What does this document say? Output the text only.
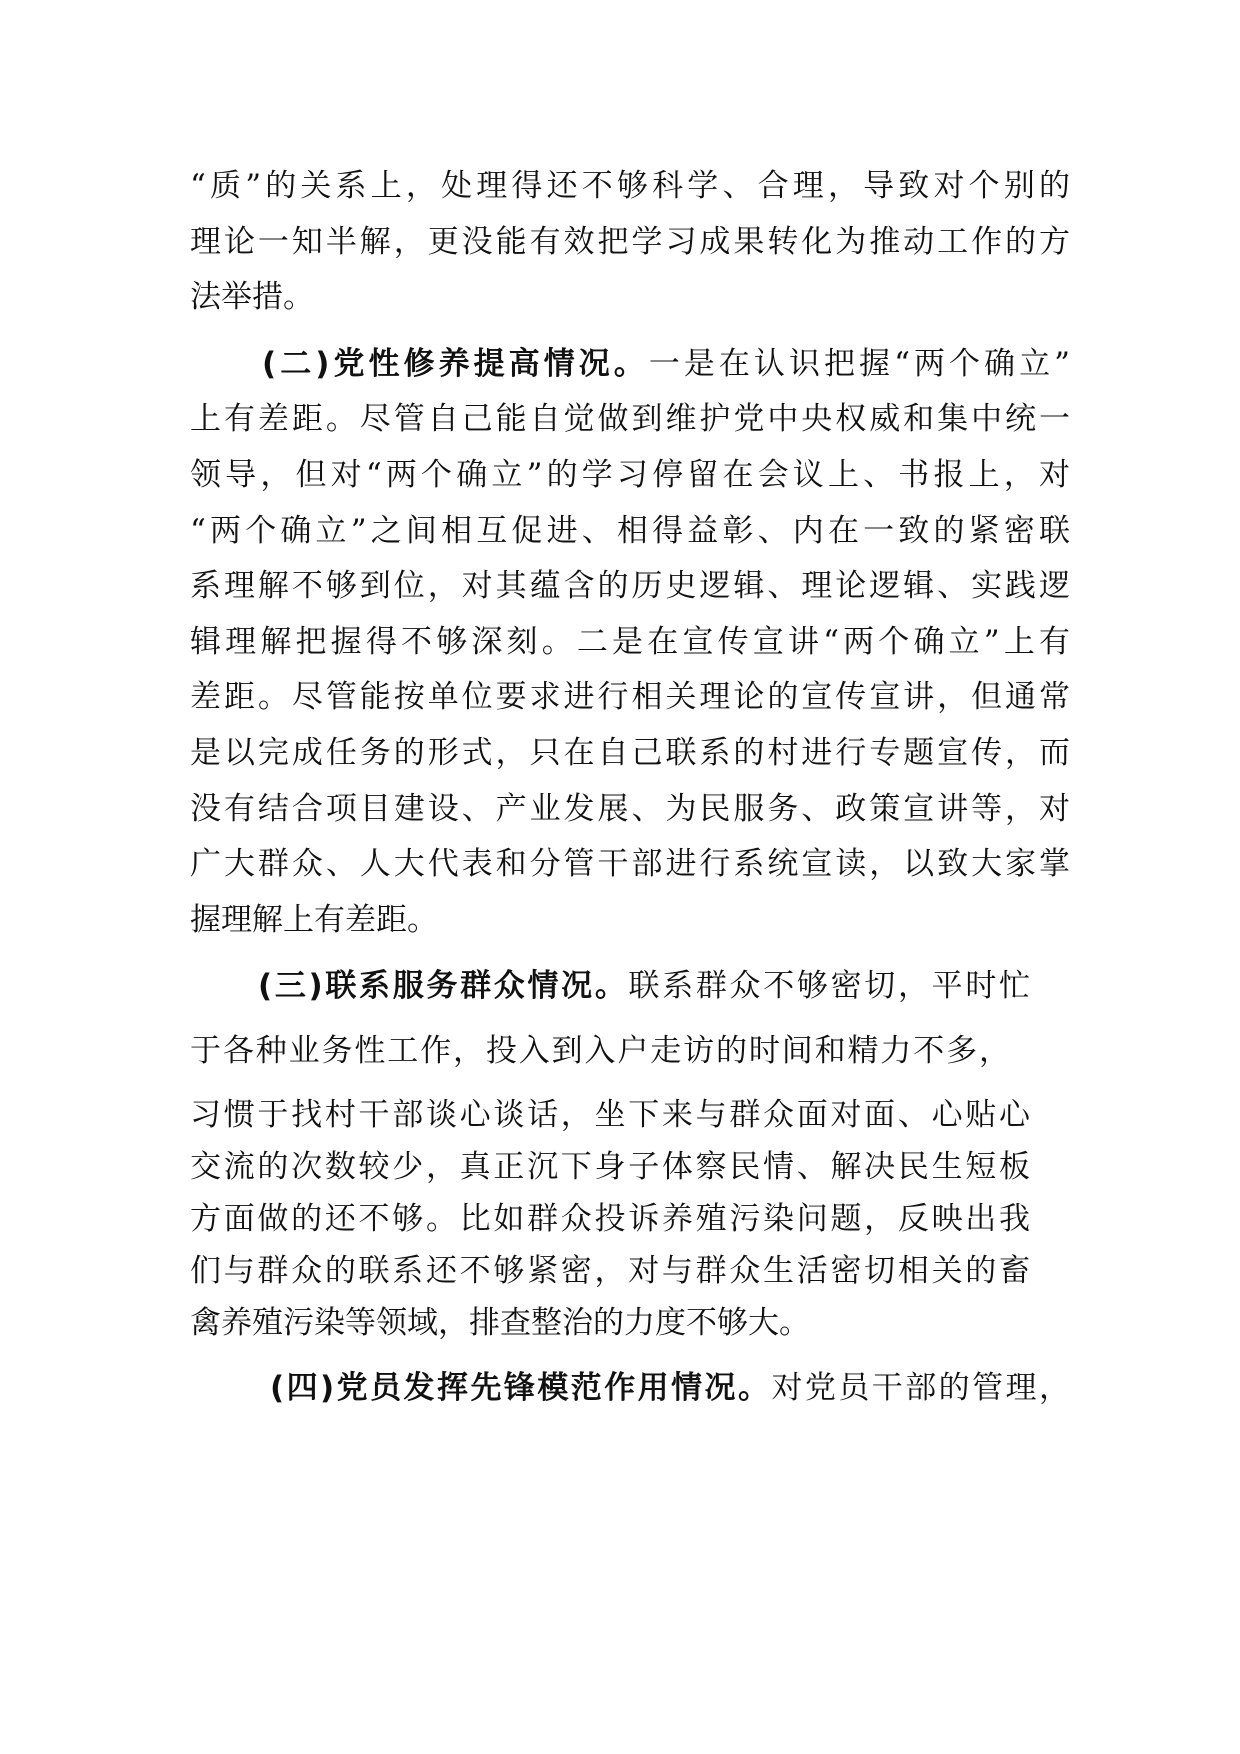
“质”的关系上，处理得还不够科学、合理，导致对个别的
理论一知半解，更没能有效把学习成果转化为推动工作的方
法举措。
(二)党性修养提高情况。一是在认识把握“两个确立”
上有差距。尽管自己能自觉做到维护党中央权威和集中统一
领导，但对“两个确立”的学习停留在会议上、书报上，对
“两个确立”之间相互促进、相得益彰、内在一致的紧密联
系理解不够到位，对其蕴含的历史逻辑、理论逻辑、实践逻
辑理解把握得不够深刻。二是在宣传宣讲“两个确立”上有
差距。尽管能按单位要求进行相关理论的宣传宣讲，但通常
是以完成任务的形式，只在自己联系的村进行专题宣传，而
没有结合项目建设、产业发展、为民服务、政策宣讲等，对
广大群众、人大代表和分管干部进行系统宣读，以致大家掌
握理解上有差距。
(三)联系服务群众情况。联系群众不够密切，平时忙
于各种业务性工作，投入到入户走访的时间和精力不多，
习惯于找村干部谈心谈话，坐下来与群众面对面、心贴心
交流的次数较少，真正沉下身子体察民情、解决民生短板
方面做的还不够。比如群众投诉养殖污染问题，反映出我
们与群众的联系还不够紧密，对与群众生活密切相关的畜
禽养殖污染等领域，排查整治的力度不够大。
(四)党员发挥先锋模范作用情况。对党员干部的管理，
